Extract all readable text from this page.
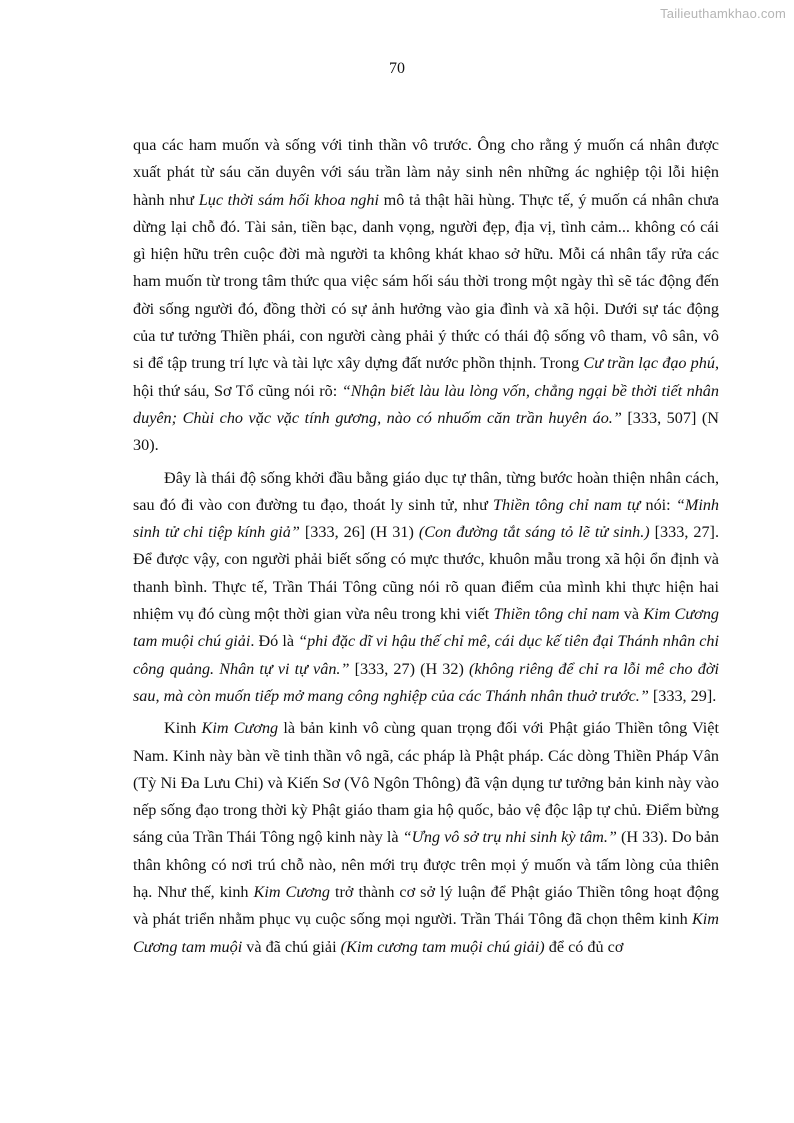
Tailieuthamkhao.com
70

qua các ham muốn và sống với tinh thần vô trước. Ông cho rằng ý muốn cá nhân được xuất phát từ sáu căn duyên với sáu trần làm nảy sinh nên những ác nghiệp tội lỗi hiện hành như Lục thời sám hối khoa nghi mô tả thật hãi hùng. Thực tế, ý muốn cá nhân chưa dừng lại chỗ đó. Tài sản, tiền bạc, danh vọng, người đẹp, địa vị, tình cảm... không có cái gì hiện hữu trên cuộc đời mà người ta không khát khao sở hữu. Mỗi cá nhân tẩy rửa các ham muốn từ trong tâm thức qua việc sám hối sáu thời trong một ngày thì sẽ tác động đến đời sống người đó, đồng thời có sự ảnh hưởng vào gia đình và xã hội. Dưới sự tác động của tư tưởng Thiền phái, con người càng phải ý thức có thái độ sống vô tham, vô sân, vô si để tập trung trí lực và tài lực xây dựng đất nước phồn thịnh. Trong Cư trần lạc đạo phú, hội thứ sáu, Sơ Tổ cũng nói rõ: “Nhận biết làu làu lòng vốn, chẳng ngại bề thời tiết nhân duyên; Chùi cho vặc vặc tính gương, nào có nhuốm căn trần huyên áo.” [333, 507] (N 30).

Đây là thái độ sống khởi đầu bằng giáo dục tự thân, từng bước hoàn thiện nhân cách, sau đó đi vào con đường tu đạo, thoát ly sinh tử, như Thiền tông chỉ nam tự nói: “Minh sinh tử chi tiệp kính giả” [333, 26] (H 31) (Con đường tắt sáng tỏ lẽ tử sinh.) [333, 27]. Để được vậy, con người phải biết sống có mực thước, khuôn mẫu trong xã hội ổn định và thanh bình. Thực tế, Trần Thái Tông cũng nói rõ quan điểm của mình khi thực hiện hai nhiệm vụ đó cùng một thời gian vừa nêu trong khi viết Thiền tông chỉ nam và Kim Cương tam muội chú giải. Đó là “phi đặc dĩ vi hậu thế chỉ mê, cái dục kế tiên đại Thánh nhân chi công quảng. Nhân tự vi tự vân.” [333, 27) (H 32) (không riêng để chỉ ra lỗi mê cho đời sau, mà còn muốn tiếp mở mang công nghiệp của các Thánh nhân thuở trước.” [333, 29].

Kinh Kim Cương là bản kinh vô cùng quan trọng đối với Phật giáo Thiền tông Việt Nam. Kinh này bàn về tinh thần vô ngã, các pháp là Phật pháp. Các dòng Thiền Pháp Vân (Tỳ Ni Đa Lưu Chi) và Kiến Sơ (Vô Ngôn Thông) đã vận dụng tư tưởng bản kinh này vào nếp sống đạo trong thời kỳ Phật giáo tham gia hộ quốc, bảo vệ độc lập tự chủ. Điểm bừng sáng của Trần Thái Tông ngộ kinh này là “Ưng vô sở trụ nhi sinh kỳ tâm.” (H 33). Do bản thân không có nơi trú chỗ nào, nên mới trụ được trên mọi ý muốn và tấm lòng của thiên hạ. Như thế, kinh Kim Cương trở thành cơ sở lý luận để Phật giáo Thiền tông hoạt động và phát triển nhằm phục vụ cuộc sống mọi người. Trần Thái Tông đã chọn thêm kinh Kim Cương tam muội và đã chú giải (Kim cương tam muội chú giải) để có đủ cơ
